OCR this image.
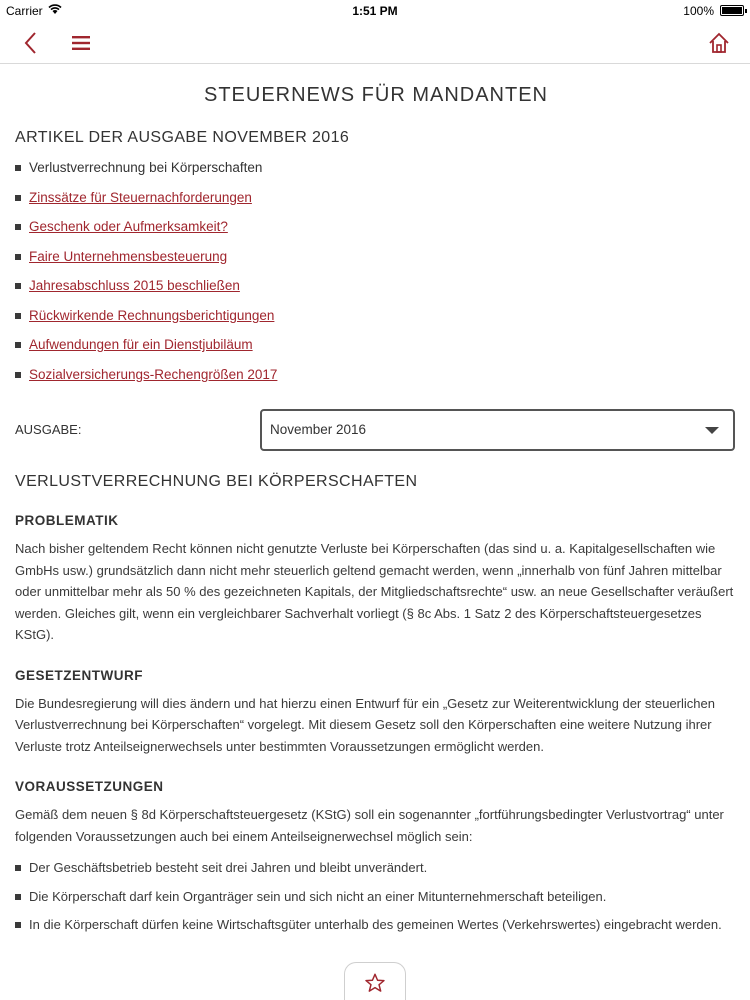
Carrier	1:51 PM	100%
STEUERNEWS FÜR MANDANTEN
ARTIKEL DER AUSGABE NOVEMBER 2016
Verlustverrechnung bei Körperschaften
Zinssätze für Steuernachforderungen
Geschenk oder Aufmerksamkeit?
Faire Unternehmensbesteuerung
Jahresabschluss 2015 beschließen
Rückwirkende Rechnungsberichtigungen
Aufwendungen für ein Dienstjubiläum
Sozialversicherungs-Rechengrößen 2017
AUSGABE:	November 2016
VERLUSTVERRECHNUNG BEI KÖRPERSCHAFTEN
PROBLEMATIK

Nach bisher geltendem Recht können nicht genutzte Verluste bei Körperschaften (das sind u. a. Kapitalgesellschaften wie GmbHs usw.) grundsätzlich dann nicht mehr steuerlich geltend gemacht werden, wenn „innerhalb von fünf Jahren mittelbar oder unmittelbar mehr als 50 % des gezeichneten Kapitals, der Mitgliedschaftsrechte“ usw. an neue Gesellschafter veräußert werden. Gleiches gilt, wenn ein vergleichbarer Sachverhalt vorliegt (§ 8c Abs. 1 Satz 2 des Körperschaftsteuergesetzes KStG).

GESETZENTWURF

Die Bundesregierung will dies ändern und hat hierzu einen Entwurf für ein „Gesetz zur Weiterentwicklung der steuerlichen Verlustverrechnung bei Körperschaften“ vorgelegt. Mit diesem Gesetz soll den Körperschaften eine weitere Nutzung ihrer Verluste trotz Anteilseignerwechsels unter bestimmten Voraussetzungen ermöglicht werden.

VORAUSSETZUNGEN

Gemäß dem neuen § 8d Körperschaftsteuergesetz (KStG) soll ein sogenannter „fortführungsbedingter Verlustvortrag“ unter folgenden Voraussetzungen auch bei einem Anteilseignerwechsel möglich sein:

Der Geschäftsbetrieb besteht seit drei Jahren und bleibt unverändert.
Die Körperschaft darf kein Organträger sein und sich nicht an einer Mitunternehmerschaft beteiligen.
In die Körperschaft dürfen keine Wirtschaftsgüter unterhalb des gemeinen Wertes (Verkehrswertes) eingebracht werden.
